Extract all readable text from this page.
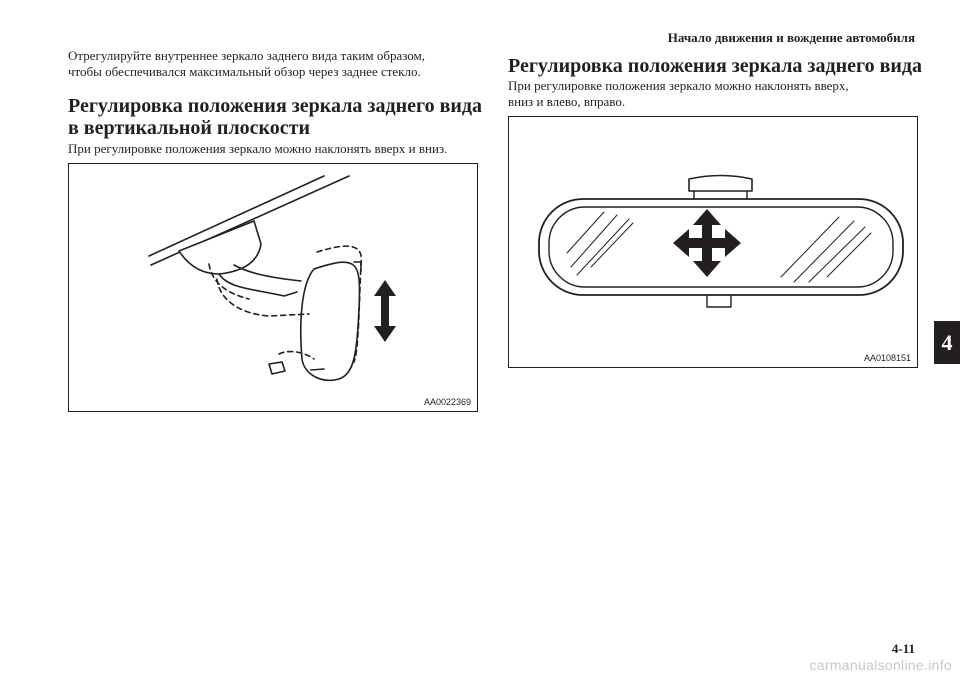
Начало движения и вождение автомобиля
Отрегулируйте внутреннее зеркало заднего вида таким образом,
чтобы обеспечивался максимальный обзор через заднее стекло.
Регулировка положения зеркала заднего вида
в вертикальной плоскости
При регулировке положения зеркало можно наклонять вверх и вниз.
AA0022369
Регулировка положения зеркала заднего вида
При регулировке положения зеркало можно наклонять вверх,
вниз и влево, вправо.
AA0108151
4
4-11
carmanualsonline.info
